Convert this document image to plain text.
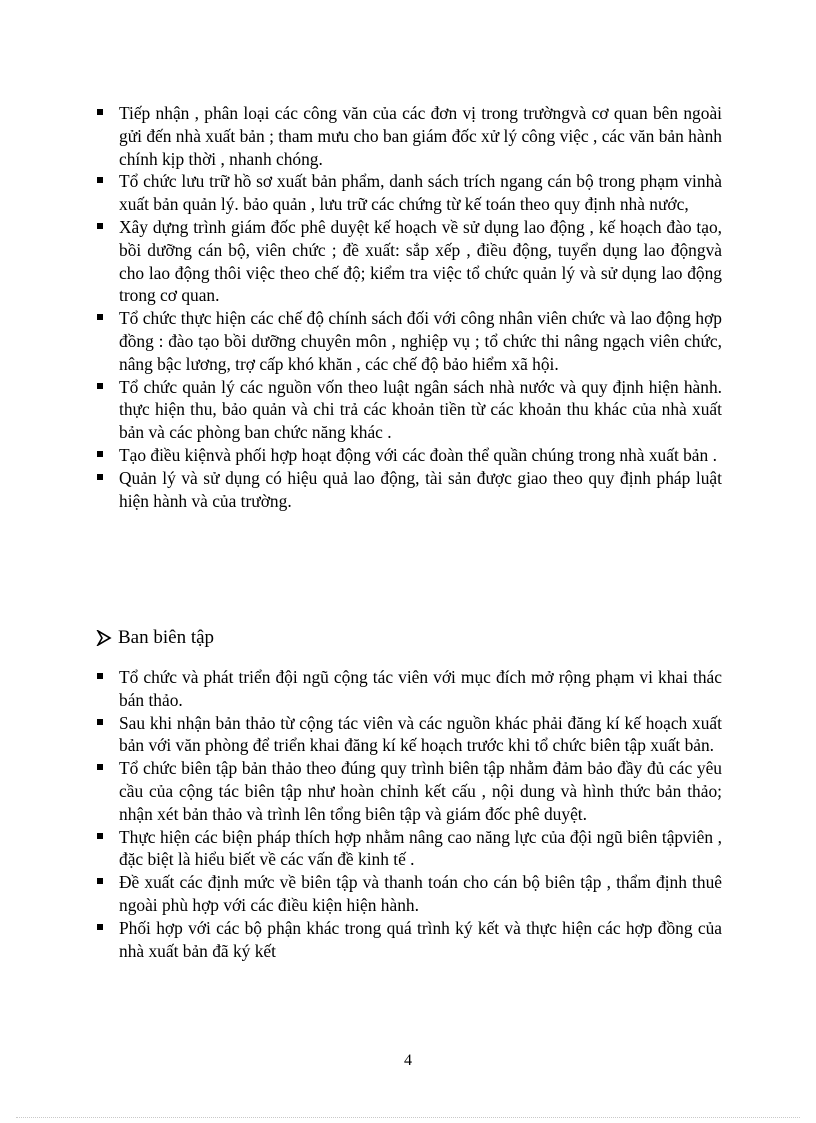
Tiếp nhận , phân loại các công văn của các đơn vị trong trườngvà cơ quan bên ngoài gửi đến nhà xuất bản ; tham mưu cho ban giám đốc xử lý công việc , các văn bản hành chính kịp thời , nhanh chóng.
Tổ chức lưu trữ hồ sơ xuất bản phẩm, danh sách trích ngang cán bộ trong phạm vinhà xuất bản quản lý. bảo quản , lưu trữ các chứng từ kế toán theo quy định nhà nước,
Xây dựng trình giám đốc phê duyệt kế hoạch về sử dụng lao động , kế hoạch đào tạo, bồi dưỡng cán bộ, viên chức ; đề xuất: sắp xếp , điều động, tuyển dụng lao độngvà cho lao động thôi việc theo chế độ; kiểm tra việc tổ chức quản lý và sử dụng lao động trong cơ quan.
Tổ chức thực hiện các chế độ chính sách đối với công nhân viên chức và lao động hợp đồng : đào tạo bồi dưỡng chuyên môn , nghiệp vụ ; tổ chức thi nâng ngạch viên chức, nâng bậc lương, trợ cấp khó khăn , các chế độ bảo hiểm xã hội.
Tổ chức quản lý các nguồn vốn theo luật ngân sách nhà nước và quy định hiện hành. thực hiện thu, bảo quản và chi trả các khoản tiền từ các khoản thu khác của nhà xuất bản và các phòng ban chức năng khác .
Tạo điều kiệnvà phối hợp hoạt động với các đoàn thể quần chúng trong nhà xuất bản .
Quản lý và sử dụng có hiệu quả lao động, tài sản được giao theo quy định pháp luật hiện hành và của trường.
Ban biên tập
Tổ chức và phát triển đội ngũ cộng tác viên với mục đích mở rộng phạm vi khai thác bán thảo.
Sau khi nhận bản thảo từ cộng tác viên và các nguồn khác phải đăng kí kế hoạch xuất bản với văn phòng để triển khai đăng kí kế hoạch trước khi tổ chức biên tập xuất bản.
Tổ chức biên tập bản thảo theo đúng quy trình biên tập nhằm đảm bảo đầy đủ các yêu cầu của cộng tác biên tập như hoàn chỉnh kết cấu , nội dung và hình thức bản thảo; nhận xét bản thảo và trình lên tổng biên tập và giám đốc phê duyệt.
Thực hiện các biện pháp thích hợp nhằm nâng cao năng lực của đội ngũ biên tậpviên , đặc biệt là hiểu biết về các vấn đề kinh tế .
Đề xuất các định mức về biên tập và thanh toán cho cán bộ biên tập , thẩm định thuê ngoài phù hợp với các điều kiện hiện hành.
Phối hợp với các bộ phận khác trong quá trình ký kết và thực hiện các hợp đồng của nhà xuất bản đã ký kết
4
